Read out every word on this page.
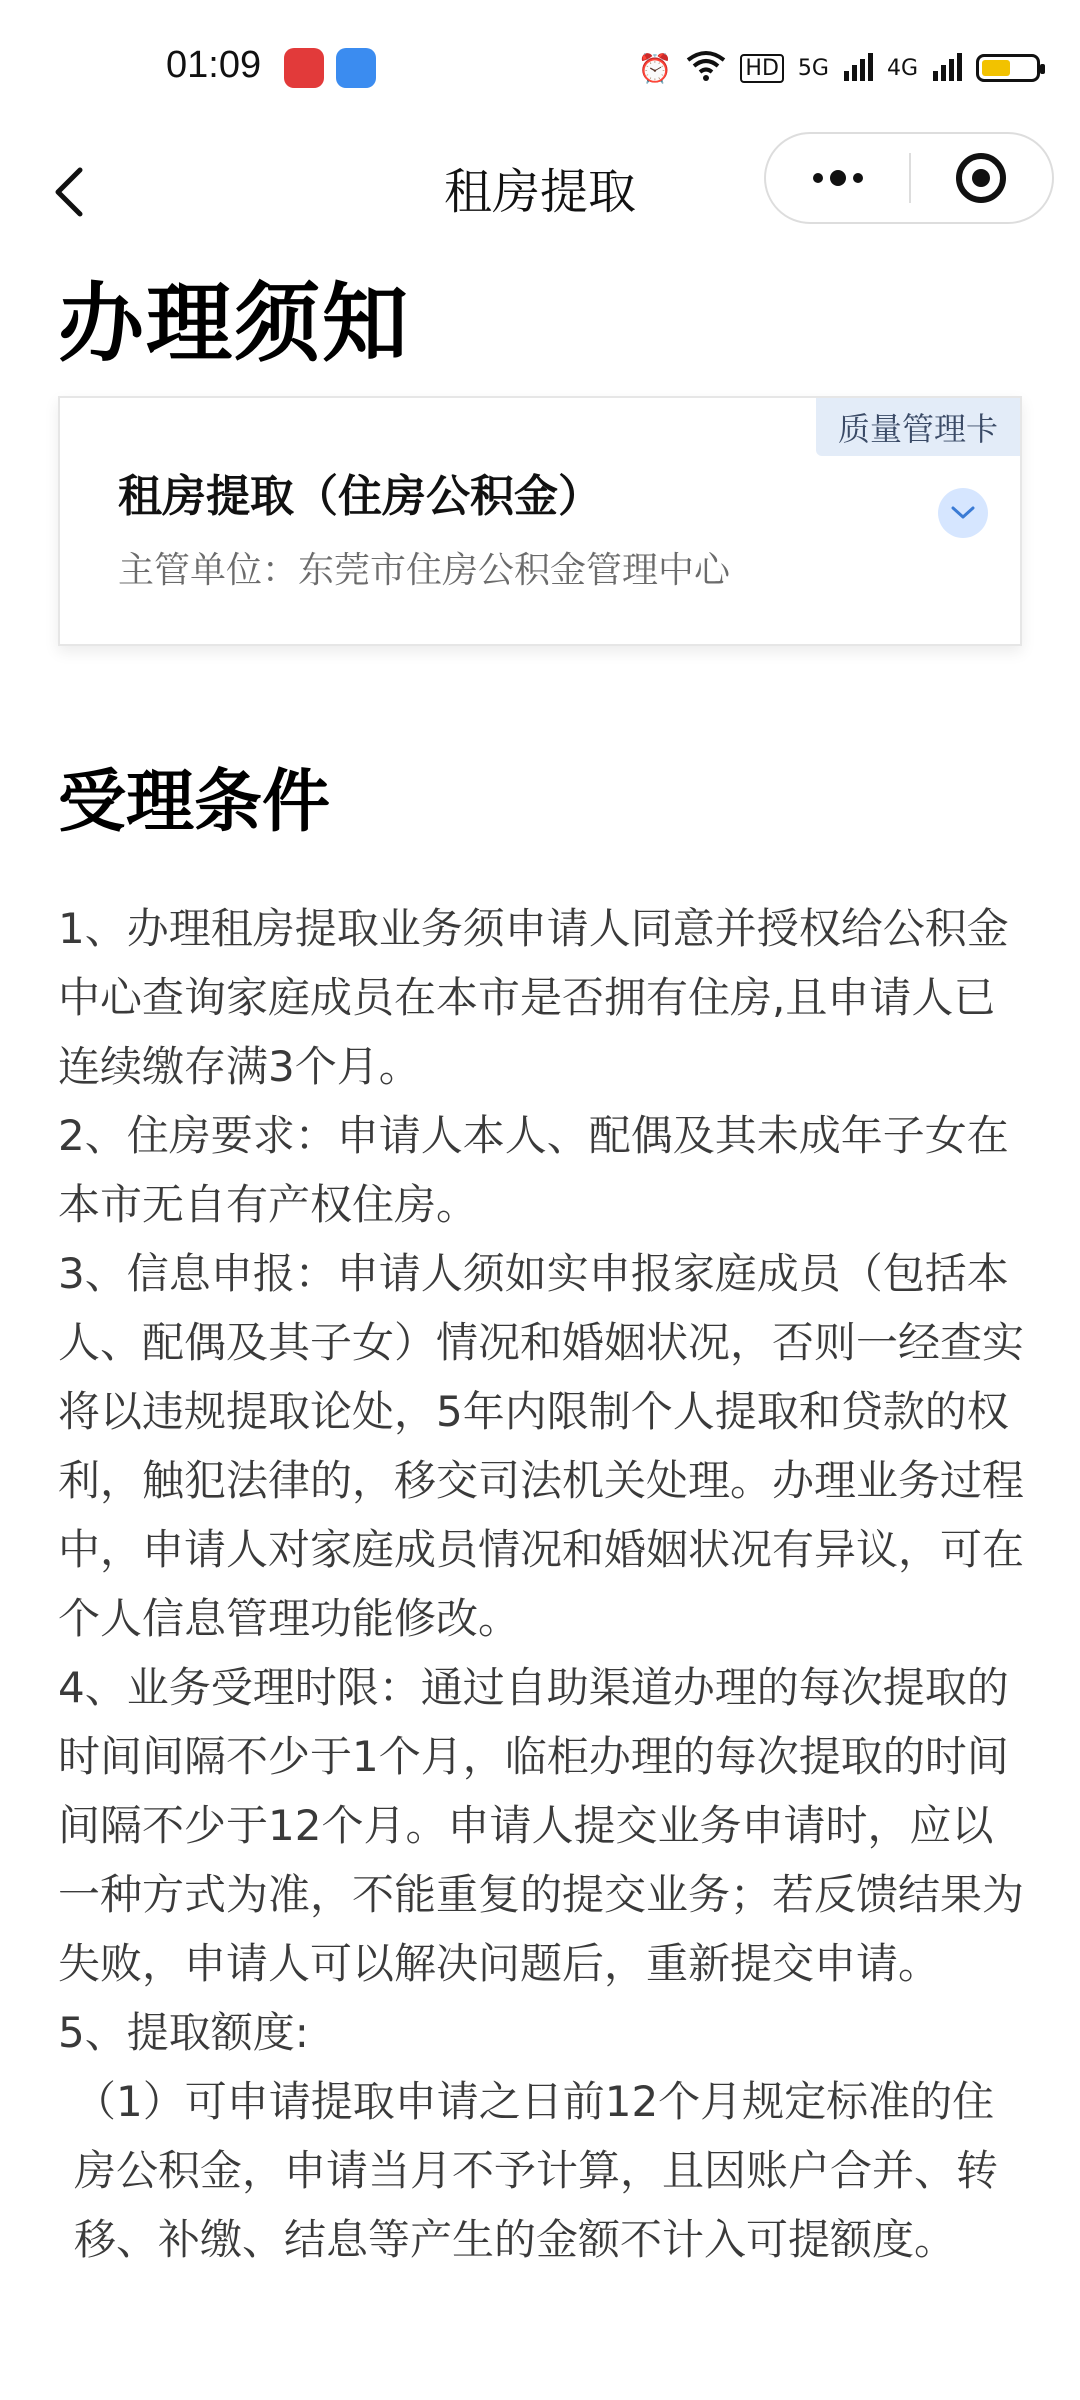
01:09	⏰	HD 5G	4G
租房提取
办理须知
质量管理卡
租房提取（住房公积金）
主管单位：东莞市住房公积金管理中心
受理条件

1、办理租房提取业务须申请人同意并授权给公积金中心查询家庭成员在本市是否拥有住房,且申请人已连续缴存满3个月。

2、住房要求：申请人本人、配偶及其未成年子女在本市无自有产权住房。

3、信息申报：申请人须如实申报家庭成员（包括本人、配偶及其子女）情况和婚姻状况，否则一经查实将以违规提取论处，5年内限制个人提取和贷款的权利，触犯法律的，移交司法机关处理。办理业务过程中，申请人对家庭成员情况和婚姻状况有异议，可在个人信息管理功能修改。

4、业务受理时限：通过自助渠道办理的每次提取的时间间隔不少于1个月，临柜办理的每次提取的时间间隔不少于12个月。申请人提交业务申请时，应以一种方式为准，不能重复的提交业务；若反馈结果为失败，申请人可以解决问题后，重新提交申请。

5、提取额度:

（1）可申请提取申请之日前12个月规定标准的住房公积金，申请当月不予计算，且因账户合并、转移、补缴、结息等产生的金额不计入可提额度。
